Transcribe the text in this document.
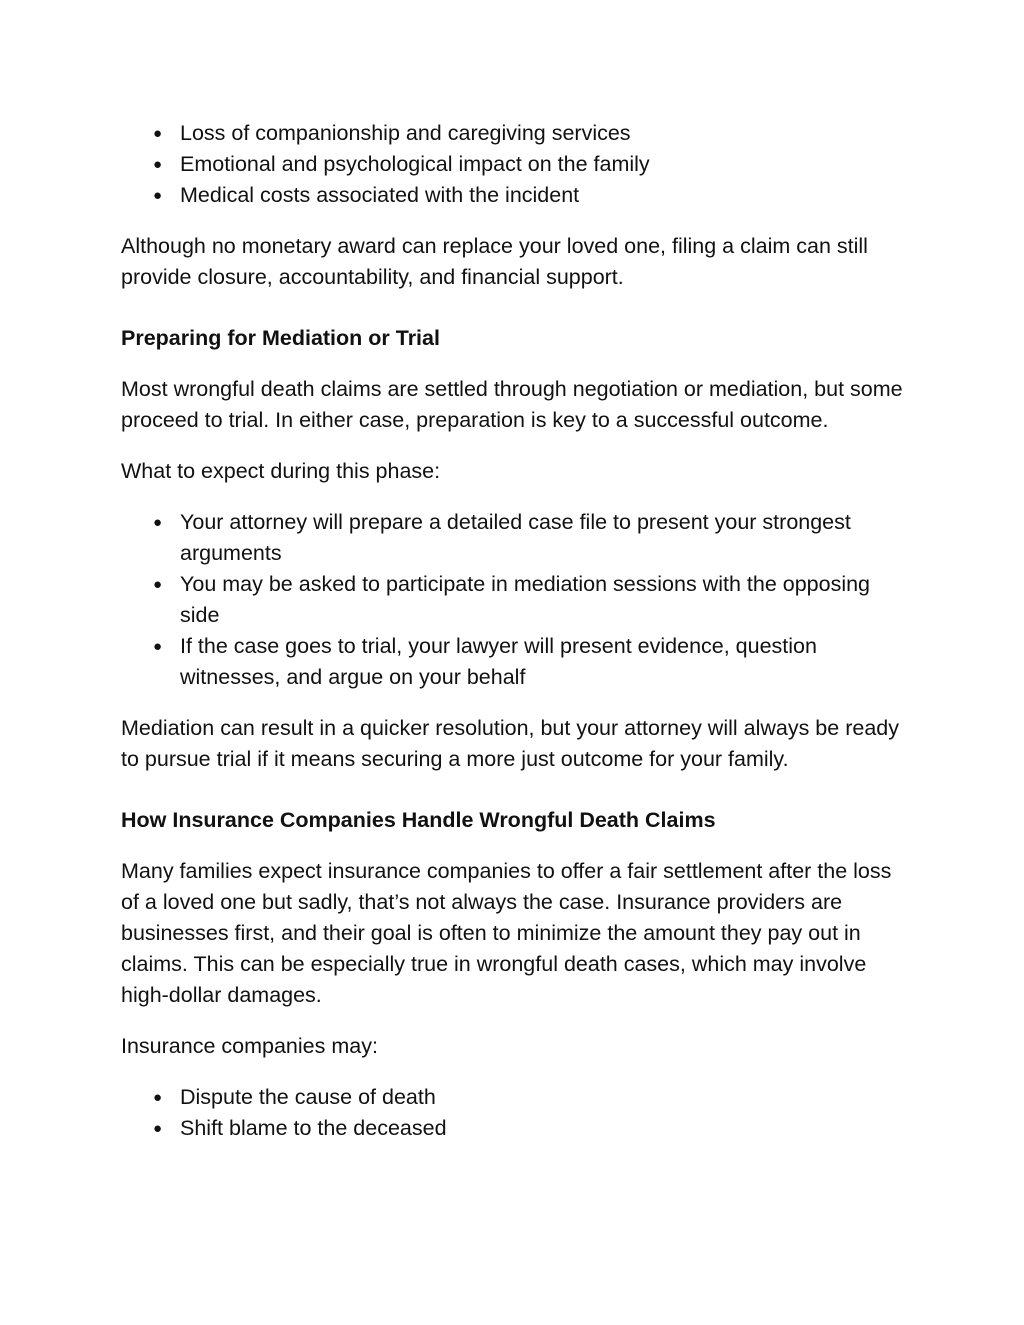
● Loss of companionship and caregiving services
● Emotional and psychological impact on the family
● Medical costs associated with the incident

Although no monetary award can replace your loved one, filing a claim can still provide closure, accountability, and financial support.

Preparing for Mediation or Trial

Most wrongful death claims are settled through negotiation or mediation, but some proceed to trial. In either case, preparation is key to a successful outcome.

What to expect during this phase:

● Your attorney will prepare a detailed case file to present your strongest arguments
● You may be asked to participate in mediation sessions with the opposing side
● If the case goes to trial, your lawyer will present evidence, question witnesses, and argue on your behalf

Mediation can result in a quicker resolution, but your attorney will always be ready to pursue trial if it means securing a more just outcome for your family.

How Insurance Companies Handle Wrongful Death Claims

Many families expect insurance companies to offer a fair settlement after the loss of a loved one but sadly, that’s not always the case. Insurance providers are businesses first, and their goal is often to minimize the amount they pay out in claims. This can be especially true in wrongful death cases, which may involve high-dollar damages.

Insurance companies may:

● Dispute the cause of death
● Shift blame to the deceased
